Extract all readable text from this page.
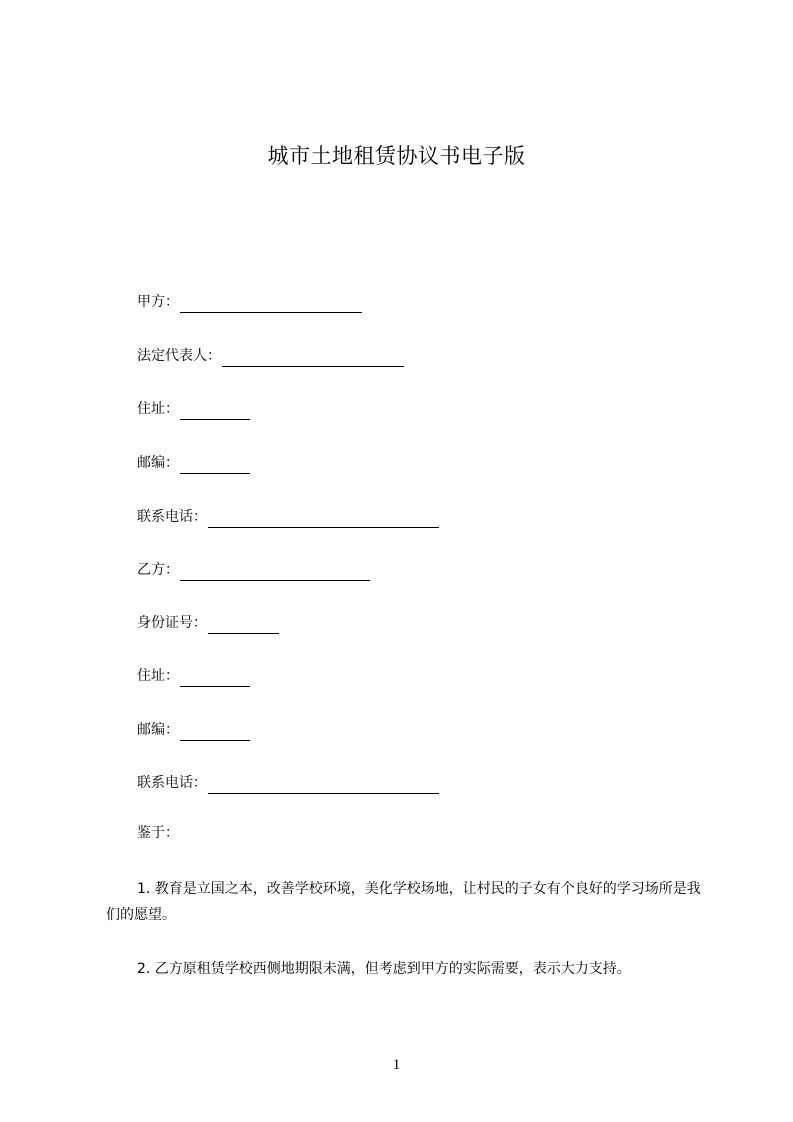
城市土地租赁协议书电子版
甲方：
法定代表人：
住址：
邮编：
联系电话：
乙方：
身份证号：
住址：
邮编：
联系电话：
鉴于：
1. 教育是立国之本，改善学校环境，美化学校场地，让村民的子女有个良好的学习场所是我们的愿望。
2. 乙方原租赁学校西侧地期限未满，但考虑到甲方的实际需要，表示大力支持。
1
